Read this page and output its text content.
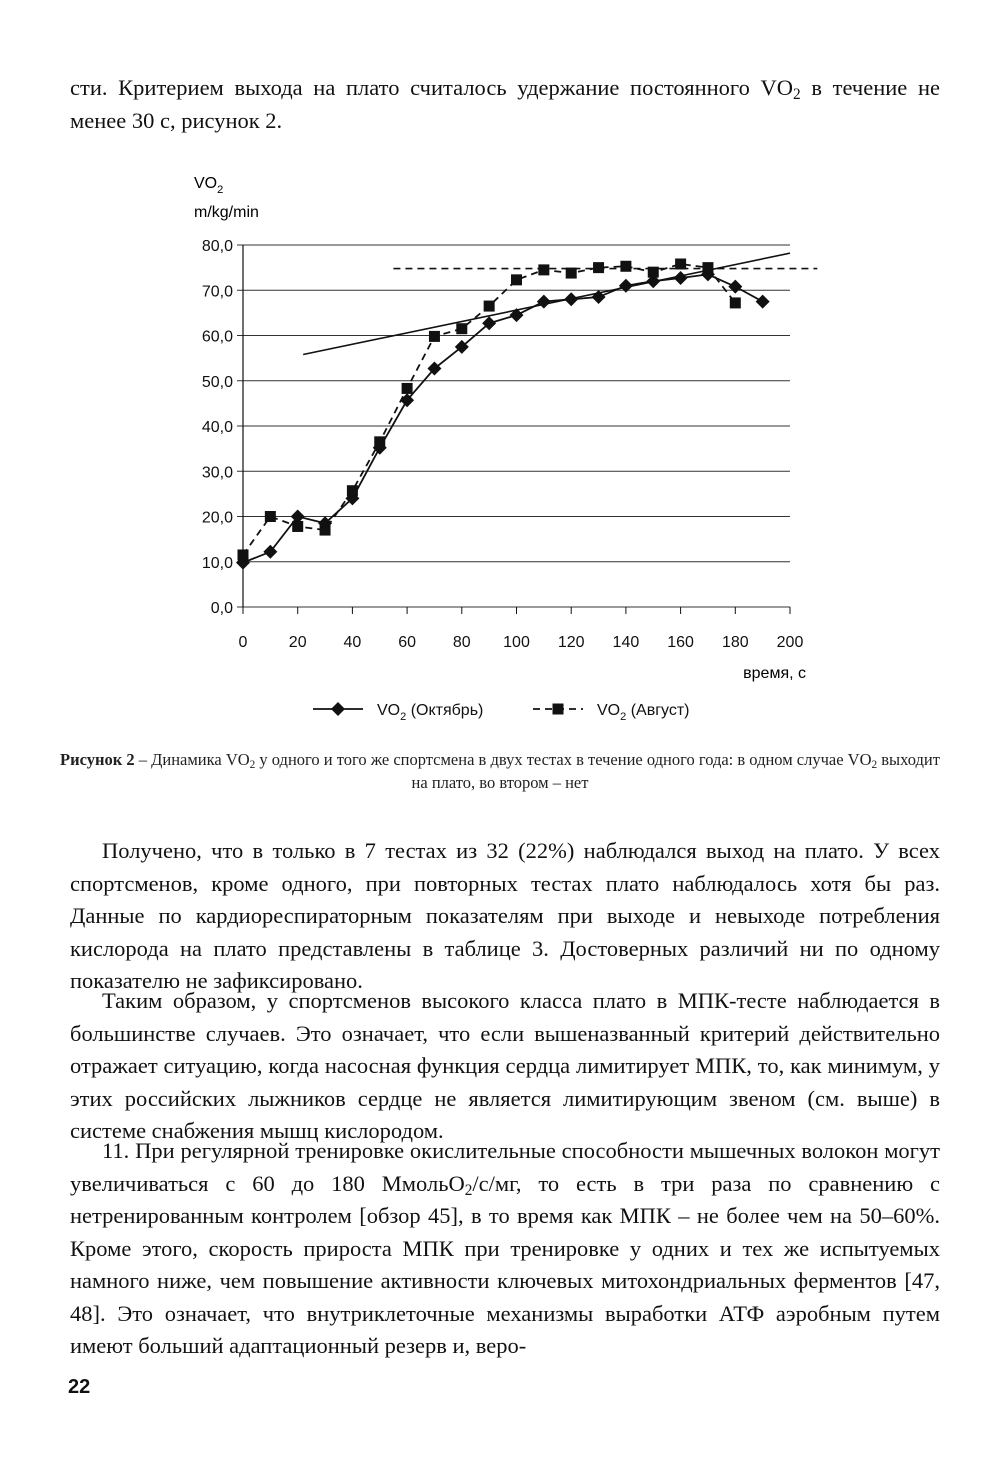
сти. Критерием выхода на плато считалось удержание постоянного $VO_2$ в течение не менее 30 с, рисунок 2.
$VO_2$
m/kg/min
время, с
0,0
10,0
20,0
30,0
40,0
50,0
60,0
70,0
80,0
0	20 40 60 80 100 120 140 160 180 200
$VO_2$ (Октябрь)	$VO_2$ (Август)
Рисунок 2 – Динамика $VO_2$ у одного и того же спортсмена в двух тестах в течение одного года: в одном случае $VO_2$ выходит на плато, во втором – нет
Получено, что в только в 7 тестах из 32 (22%) наблюдался выход на плато. У всех спортсменов, кроме одного, при повторных тестах плато наблюдалось хотя бы раз. Данные по кардиореспираторным показателям при выходе и невыходе потребления кислорода на плато представлены в таблице 3. Достоверных различий ни по одному показателю не зафиксировано.
Таким образом, у спортсменов высокого класса плато в МПК-тесте наблюдается в большинстве случаев. Это означает, что если вышеназванный критерий действительно отражает ситуацию, когда насосная функция сердца лимитирует МПК, то, как минимум, у этих российских лыжников сердце не является лимитирующим звеном (см. выше) в системе снабжения мышц кислородом.
11. При регулярной тренировке окислительные способности мышечных волокон могут увеличиваться с 60 до 180 МмольO$_2$/с/мг, то есть в три раза по сравнению с нетренированным контролем [обзор 45], в то время как МПК – не более чем на 50–60%. Кроме этого, скорость прироста МПК при тренировке у одних и тех же испытуемых намного ниже, чем повышение активности ключевых митохондриальных ферментов [47, 48]. Это означает, что внутриклеточные механизмы выработки АТФ аэробным путем имеют больший адаптационный резерв и, веро-
22
